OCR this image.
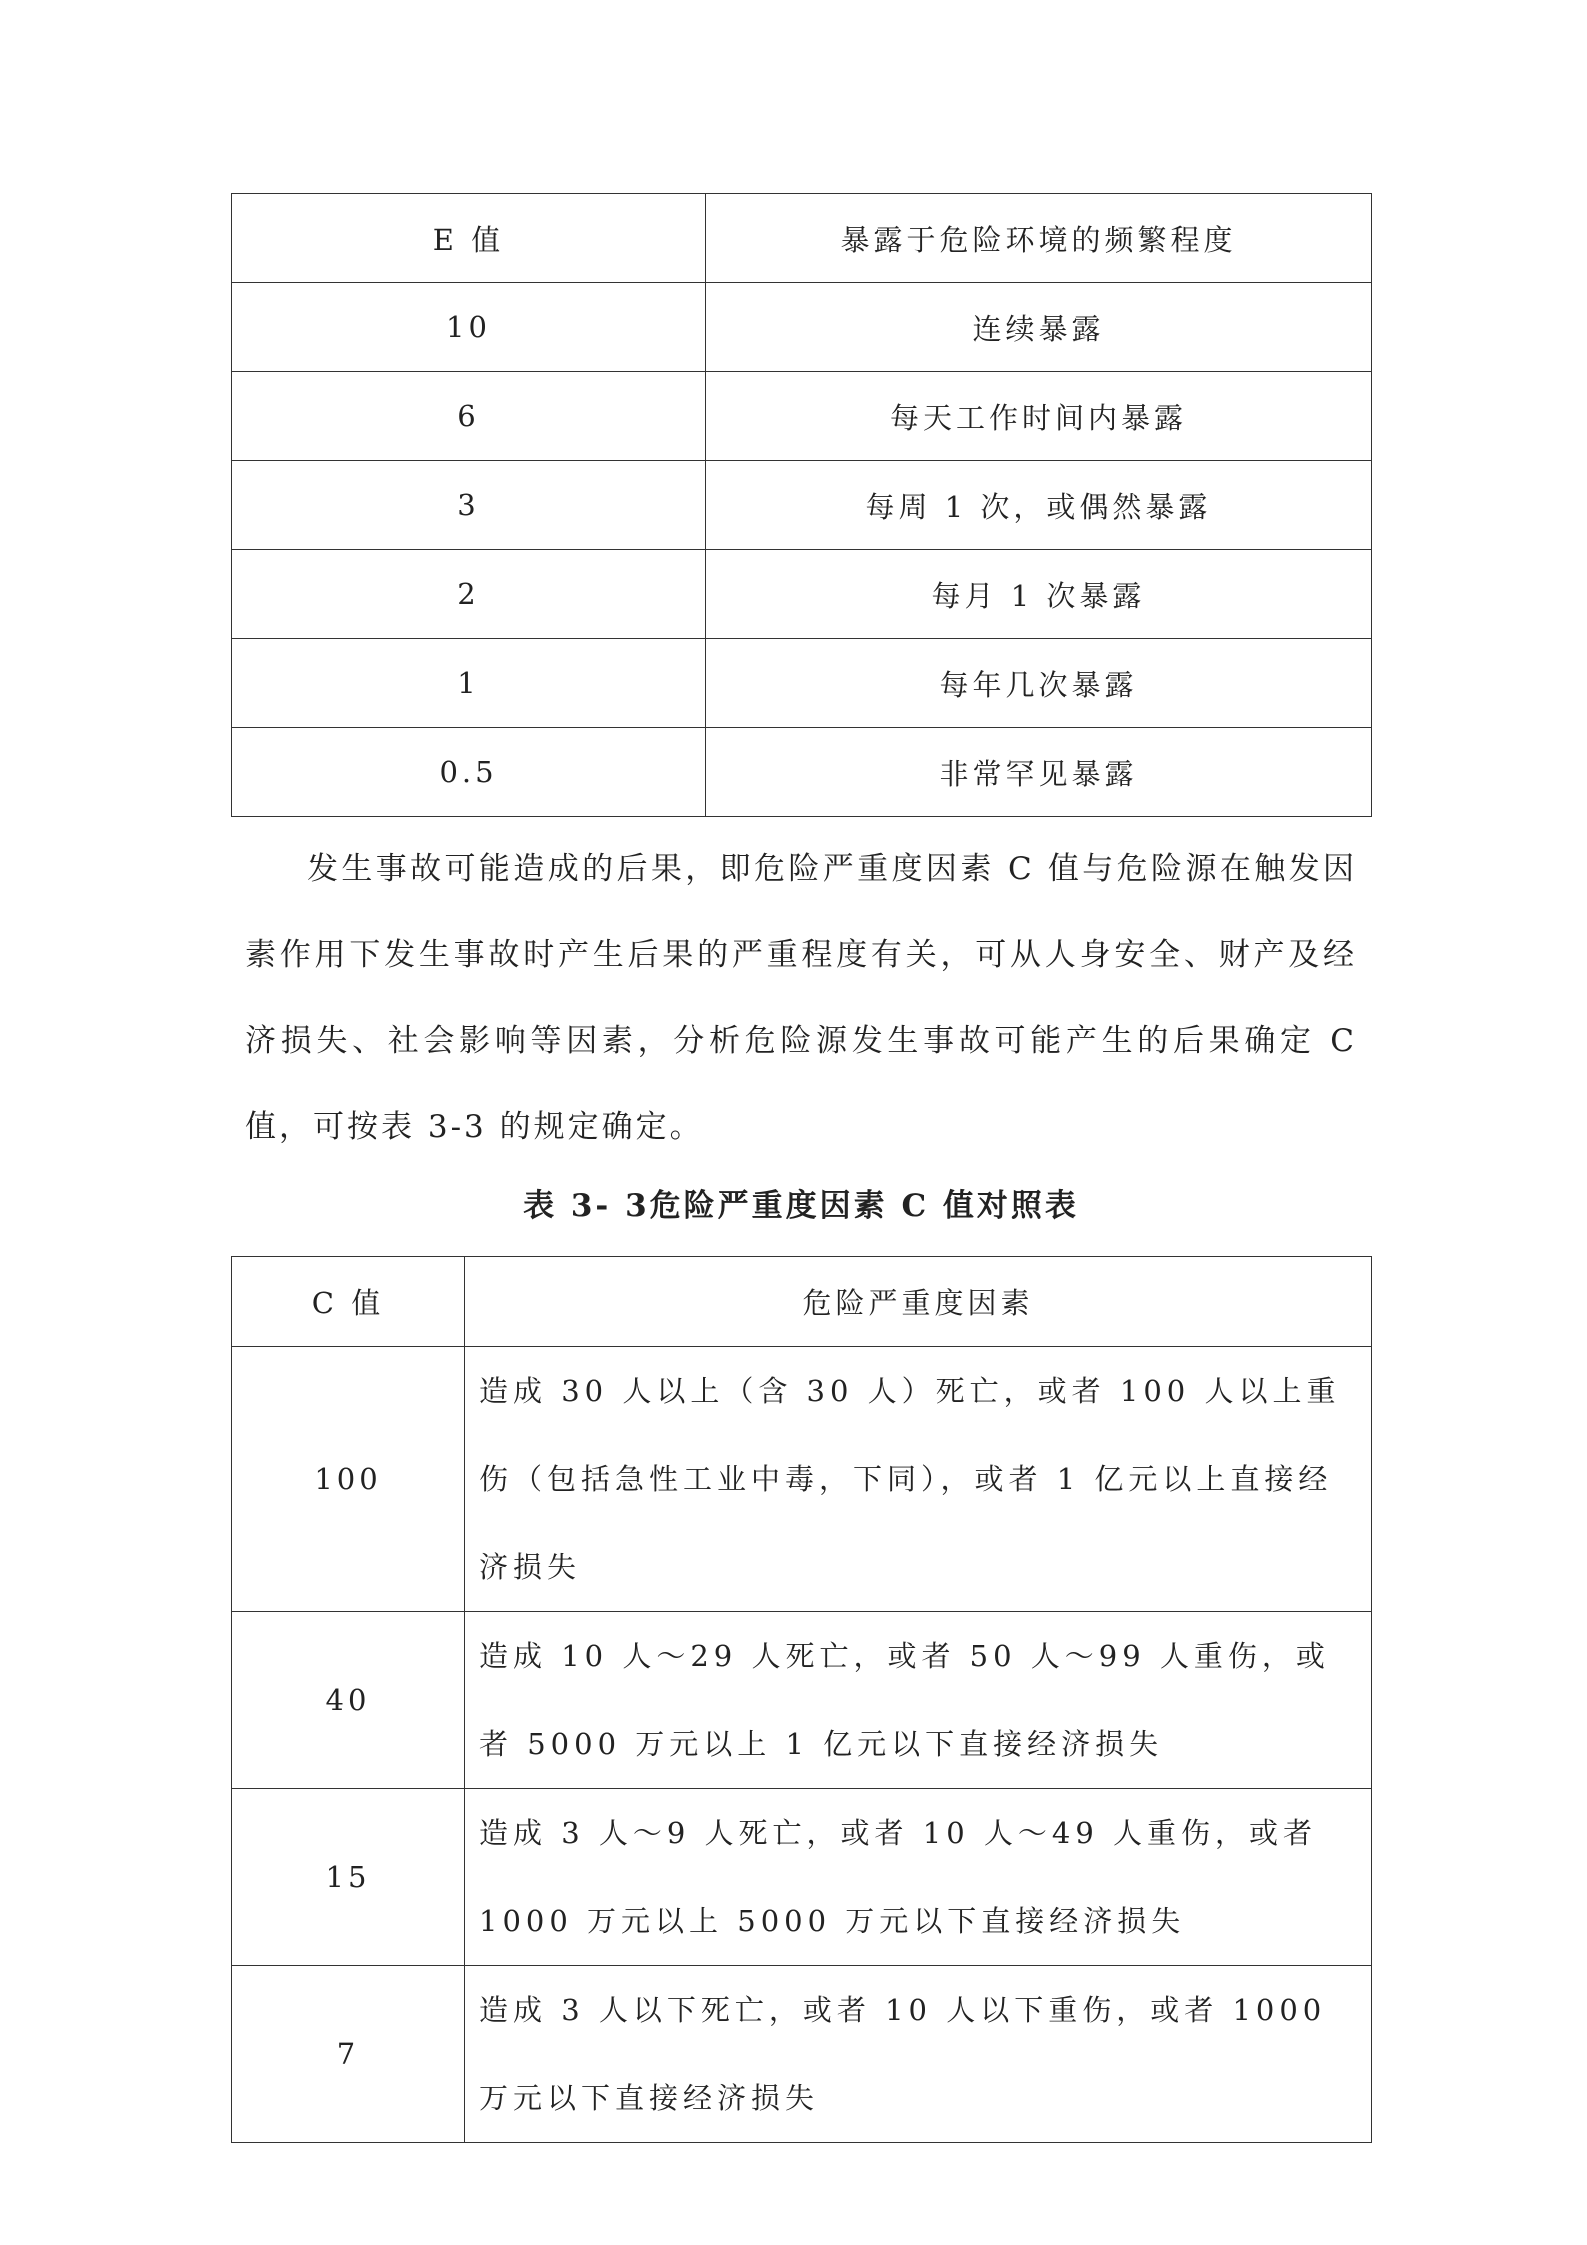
E 值	暴露于危险环境的频繁程度
10	连续暴露
6	每天工作时间内暴露
3	每周 1 次，或偶然暴露
2	每月 1 次暴露
1	每年几次暴露
0.5	非常罕见暴露

发生事故可能造成的后果，即危险严重度因素 C 值与危险源在触发因素作用下发生事故时产生后果的严重程度有关，可从人身安全、财产及经济损失、社会影响等因素，分析危险源发生事故可能产生的后果确定 C 值，可按表 3-3 的规定确定。

表 3- 3危险严重度因素 C 值对照表

C 值	危险严重度因素
100	造成 30 人以上（含 30 人）死亡，或者 100 人以上重伤（包括急性工业中毒，下同），或者 1 亿元以上直接经济损失
40	造成 10 人～29 人死亡，或者 50 人～99 人重伤，或者 5000 万元以上 1 亿元以下直接经济损失
15	造成 3 人～9 人死亡，或者 10 人～49 人重伤，或者 1000 万元以上 5000 万元以下直接经济损失
7	造成 3 人以下死亡，或者 10 人以下重伤，或者 1000 万元以下直接经济损失
